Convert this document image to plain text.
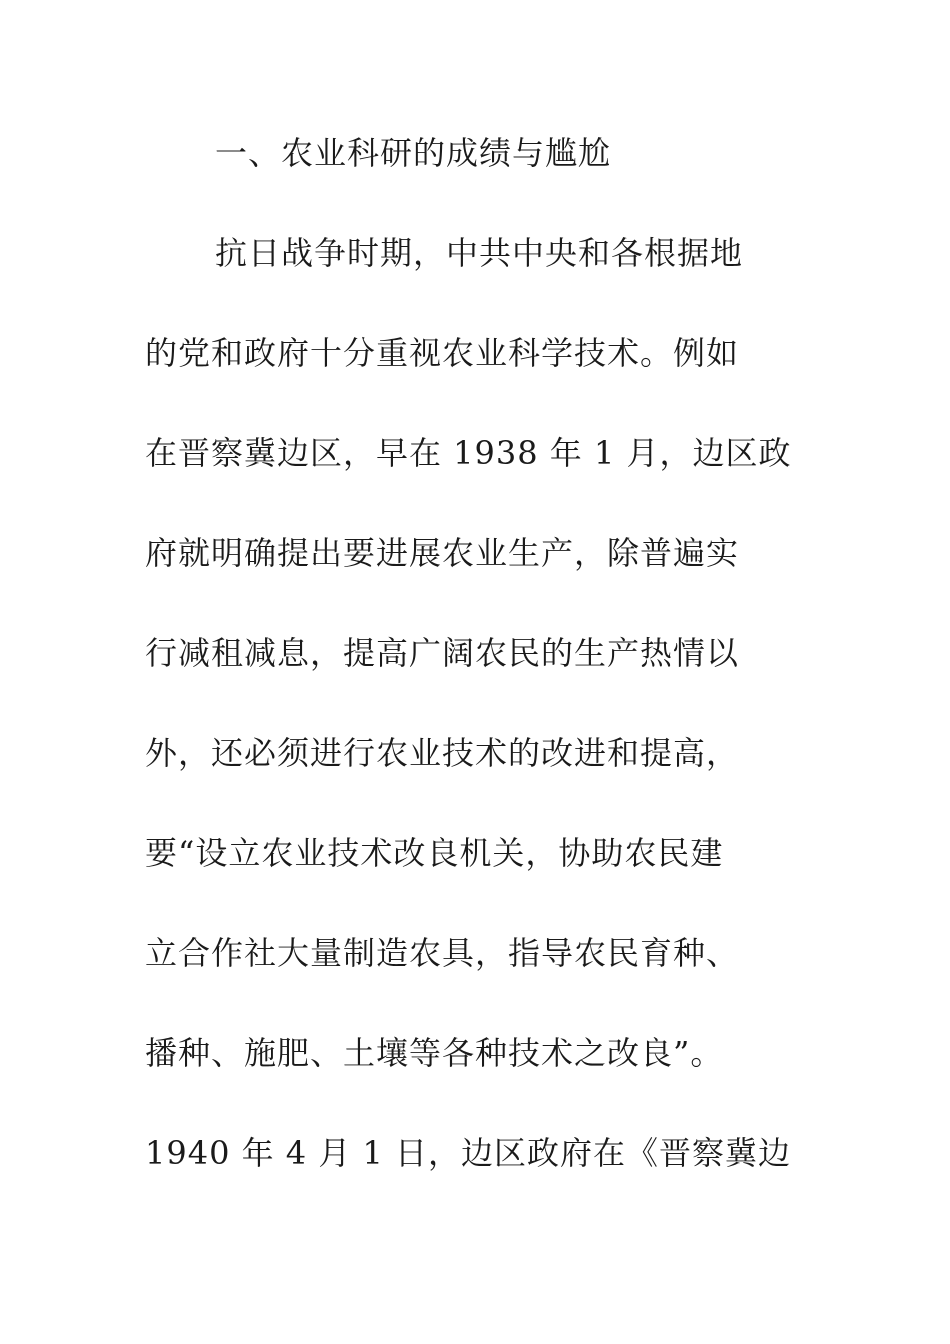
一、农业科研的成绩与尴尬
抗日战争时期，中共中央和各根据地
的党和政府十分重视农业科学技术。例如
在晋察冀边区，早在 1938 年 1 月，边区政
府就明确提出要进展农业生产，除普遍实
行减租减息，提高广阔农民的生产热情以
外，还必须进行农业技术的改进和提高，
要“设立农业技术改良机关，协助农民建
立合作社大量制造农具，指导农民育种、
播种、施肥、土壤等各种技术之改良”。
1940 年 4 月 1 日，边区政府在《晋察冀边
